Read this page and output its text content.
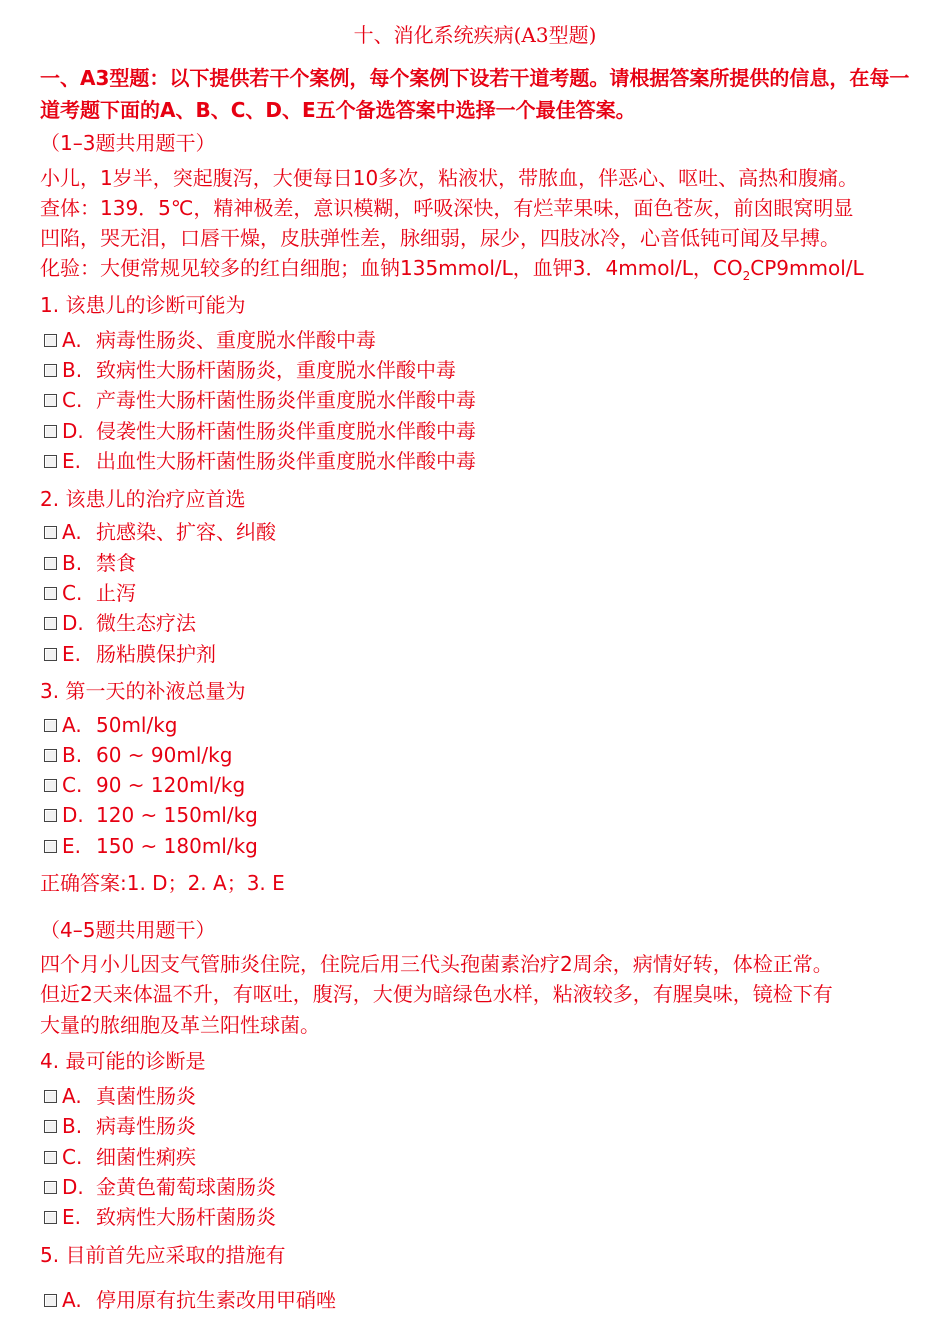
十、消化系统疾病(A3型题)
一、A3型题：以下提供若干个案例，每个案例下设若干道考题。请根据答案所提供的信息，在每一道考题下面的A、B、C、D、E五个备选答案中选择一个最佳答案。
（1–3题共用题干）
小儿，1岁半，突起腹泻，大便每日10多次，粘液状，带脓血，伴恶心、呕吐、高热和腹痛。
查体：139．5℃，精神极差，意识模糊，呼吸深快，有烂苹果味，面色苍灰，前囟眼窝明显
凹陷，哭无泪，口唇干燥，皮肤弹性差，脉细弱，尿少，四肢冰冷，心音低钝可闻及早搏。
化验：大便常规见较多的红白细胞；血钠135mmol/L，血钾3．4mmol/L，$CO_2CP9mmol/L$
1. 该患儿的诊断可能为
A. 病毒性肠炎、重度脱水伴酸中毒
B. 致病性大肠杆菌肠炎，重度脱水伴酸中毒
C. 产毒性大肠杆菌性肠炎伴重度脱水伴酸中毒
D. 侵袭性大肠杆菌性肠炎伴重度脱水伴酸中毒
E. 出血性大肠杆菌性肠炎伴重度脱水伴酸中毒
2. 该患儿的治疗应首选
A. 抗感染、扩容、纠酸
B. 禁食
C. 止泻
D. 微生态疗法
E. 肠粘膜保护剂
3. 第一天的补液总量为
A. 50ml/kg
B. 60 ~ 90ml/kg
C. 90 ~ 120ml/kg
D. 120 ~ 150ml/kg
E. 150 ~ 180ml/kg
正确答案:1. D；2. A；3. E
（4–5题共用题干）
四个月小儿因支气管肺炎住院，住院后用三代头孢菌素治疗2周余，病情好转，体检正常。
但近2天来体温不升，有呕吐，腹泻，大便为暗绿色水样，粘液较多，有腥臭味，镜检下有
大量的脓细胞及革兰阳性球菌。
4. 最可能的诊断是
A. 真菌性肠炎
B. 病毒性肠炎
C. 细菌性痢疾
D. 金黄色葡萄球菌肠炎
E. 致病性大肠杆菌肠炎
5. 目前首先应采取的措施有
A. 停用原有抗生素改用甲硝唑
